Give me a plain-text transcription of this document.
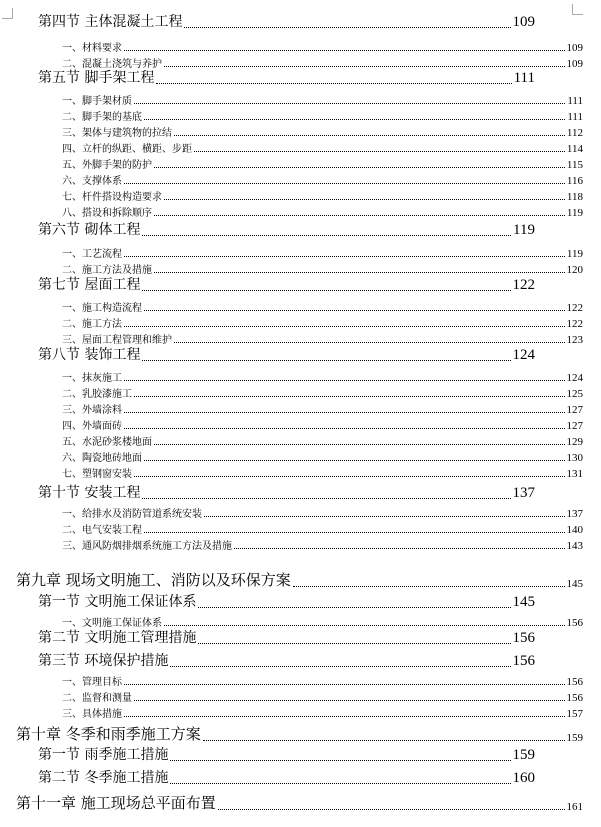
第四节 主体混凝土工程	109
一、材料要求	109
二、混凝土浇筑与养护	109
第五节 脚手架工程	111
一、脚手架材质	111
二、脚手架的基底	111
三、架体与建筑物的拉结	112
四、立杆的纵距、横距、步距	114
五、外脚手架的防护	115
六、支撑体系	116
七、杆件搭设构造要求	118
八、搭设和拆除顺序	119
第六节 砌体工程	119
一、工艺流程	119
二、施工方法及措施	120
第七节 屋面工程	122
一、施工构造流程	122
二、施工方法	122
三、屋面工程管理和维护	123
第八节 装饰工程	124
一、抹灰施工	124
二、乳胶漆施工	125
三、外墙涂料	127
四、外墙面砖	127
五、水泥砂浆楼地面	129
六、陶瓷地砖地面	130
七、塑钢窗安装	131
第十节 安装工程	137
一、给排水及消防管道系统安装	137
二、电气安装工程	140
三、通风防烟排烟系统施工方法及措施	143
第九章 现场文明施工、消防以及环保方案	145
第一节 文明施工保证体系	145
一、文明施工保证体系	156
第二节 文明施工管理措施	156
第三节 环境保护措施	156
一、管理目标	156
二、监督和测量	156
三、具体措施	157
第十章 冬季和雨季施工方案	159
第一节 雨季施工措施	159
第二节 冬季施工措施	160
第十一章 施工现场总平面布置	161
